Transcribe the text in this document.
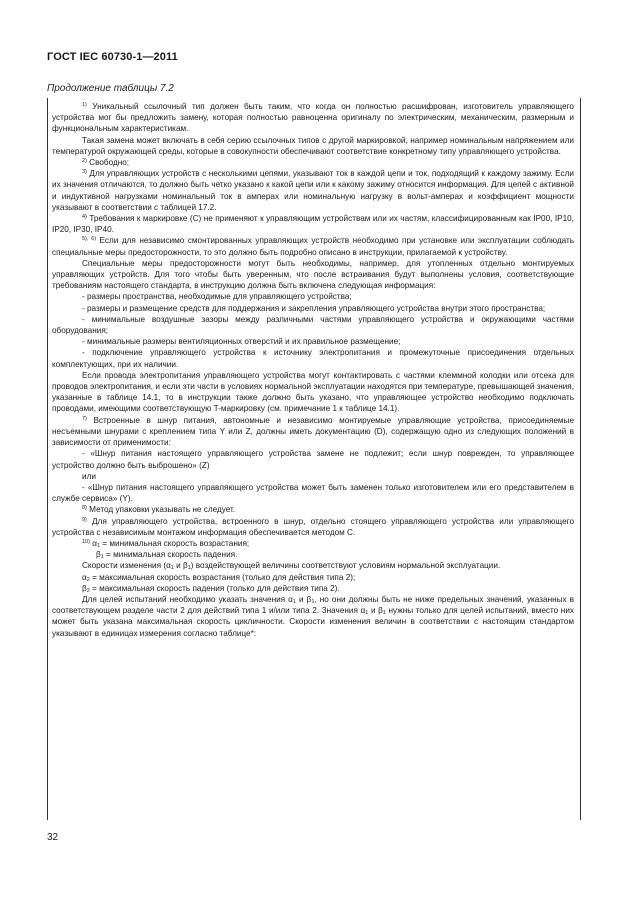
ГОСТ IEC 60730-1—2011
Продолжение таблицы 7.2

$^{1)}$ Уникальный ссылочный тип должен быть таким, что когда он полностью расшифрован, изготовитель управляющего устройства мог бы предложить замену, которая полностью равноценна оригиналу по электрическим, механическим, размерным и функциональным характеристикам.

Такая замена может включать в себя серию ссылочных типов с другой маркировкой, например номинальным напряжением или температурой окружающей среды, которые в совокупности обеспечивают соответствие конкретному типу управляющего устройства.

$^{2)}$ Свободно;

$^{3)}$ Для управляющих устройств с несколькими цепями, указывают ток в каждой цепи и ток, подходящий к каждому зажиму. Если их значения отличаются, то должно быть четко указано к какой цепи или к какому зажиму относится информация. Для цепей с активной и индуктивной нагрузками номинальный ток в амперах или номинальную нагрузку в вольт-амперах и коэффициент мощности указывают в соответствии с таблицей 17.2.

$^{4)}$ Требования к маркировке (С) не применяют к управляющим устройствам или их частям, классифицированным как IP00, IP10, IP20, IP30, IP40.

$^{5), 6)}$ Если для независимо смонтированных управляющих устройств необходимо при установке или эксплуатации соблюдать специальные меры предосторожности, то это должно быть подробно описано в инструкции, прилагаемой к устройству.

Специальные меры предосторожности могут быть необходимы, например, для утопленных отдельно монтируемых управляющих устройств. Для того чтобы быть уверенным, что после встраивания будут выполнены условия, соответствующие требованиям настоящего стандарта, в инструкцию должна быть включена следующая информация:

- размеры пространства, необходимые для управляющего устройства;

- размеры и размещение средств для поддержания и закрепления управляющего устройства внутри этого пространства;

- минимальные воздушные зазоры между различными частями управляющего устройства и окружающими частями оборудования;

- минимальные размеры вентиляционных отверстий и их правильное размещение;

- подключение управляющего устройства к источнику электропитания и промежуточные присоединения отдельных комплектующих, при их наличии.

Если провода электропитания управляющего устройства могут контактировать с частями клеммной колодки или отсека для проводов электропитания, и если эти части в условиях нормальной эксплуатации находятся при температуре, превышающей значения, указанные в таблице 14.1, то в инструкции также должно быть указано, что управляющее устройство необходимо подключать проводами, имеющими соответствующую T-маркировку (см. примечание 1 к таблице 14.1).

$^{7)}$ Встроенные в шнур питания, автономные и независимо монтируемые управляющие устройства, присоединяемые несъемными шнурами с креплением типа Y или Z, должны иметь документацию (D), содержащую одно из следующих положений в зависимости от применимости:

- «Шнур питания настоящего управляющего устройства замене не подлежит; если шнур поврежден, то управляющее устройство должно быть выброшено» (Z)

или

- «Шнур питания настоящего управляющего устройства может быть заменен только изготовителем или его представителем в службе сервиса» (Y).

$^{8)}$ Метод упаковки указывать не следует.

$^{9)}$ Для управляющего устройства, встроенного в шнур, отдельно стоящего управляющего устройства или управляющего устройства с независимым монтажом информация обеспечивается методом С.

$^{10)}$ $\alpha_1$ = минимальная скорость возрастания;

$\beta_1$ = минимальная скорость падения.

Скорости изменения ($\alpha_1$ и $\beta_1$) воздействующей величины соответствуют условиям нормальной эксплуатации.

$\alpha_2$ = максимальная скорость возрастания (только для действия типа 2);

$\beta_2$ = максимальная скорость падения (только для действия типа 2).

Для целей испытаний необходимо указать значения $\alpha_1$ и $\beta_1$, но они должны быть не ниже предельных значений, указанных в соответствующем разделе части 2 для действий типа 1 и/или типа 2. Значения $\alpha_1$ и $\beta_1$ нужны только для целей испытаний, вместо них может быть указана максимальная скорость цикличности. Скорости изменения величин в соответствии с настоящим стандартом указывают в единицах измерения согласно таблице*:

32
